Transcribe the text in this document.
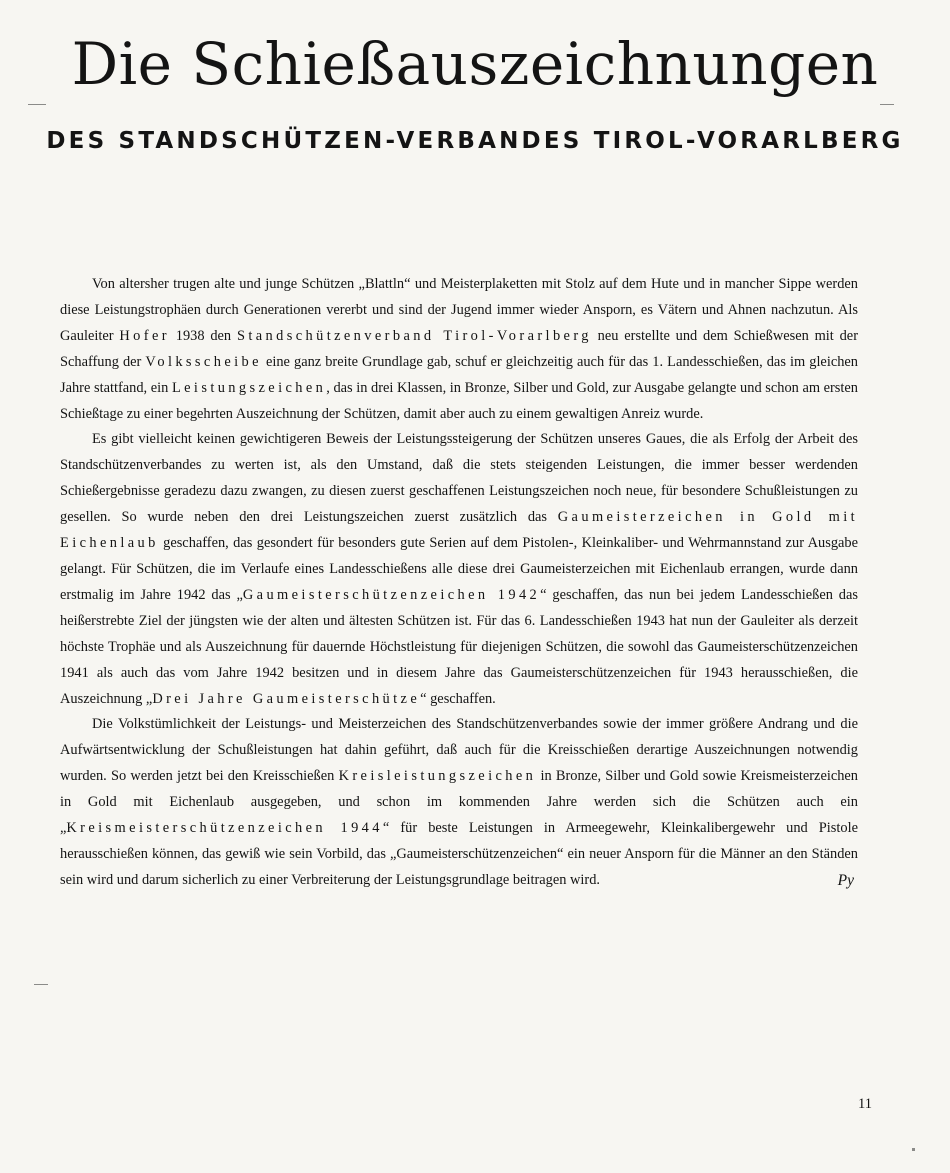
Die Schießauszeichnungen
DES STANDSCHÜTZEN-VERBANDES TIROL-VORARLBERG

Von altersher trugen alte und junge Schützen „Blattln“ und Meisterplaketten mit Stolz auf dem Hute und in mancher Sippe werden diese Leistungstrophäen durch Generationen vererbt und sind der Jugend immer wieder Ansporn, es Vätern und Ahnen nachzutun. Als Gauleiter Hofer 1938 den Standschützenverband Tirol-Vorarlberg neu erstellte und dem Schießwesen mit der Schaffung der Volksscheibe eine ganz breite Grundlage gab, schuf er gleichzeitig auch für das 1. Landesschießen, das im gleichen Jahre stattfand, ein Leistungszeichen, das in drei Klassen, in Bronze, Silber und Gold, zur Ausgabe gelangte und schon am ersten Schießtage zu einer begehrten Auszeichnung der Schützen, damit aber auch zu einem gewaltigen Anreiz wurde.

Es gibt vielleicht keinen gewichtigeren Beweis der Leistungssteigerung der Schützen unseres Gaues, die als Erfolg der Arbeit des Standschützenverbandes zu werten ist, als den Umstand, daß die stets steigenden Leistungen, die immer besser werdenden Schießergebnisse geradezu dazu zwangen, zu diesen zuerst geschaffenen Leistungszeichen noch neue, für besondere Schußleistungen zu gesellen. So wurde neben den drei Leistungszeichen zuerst zusätzlich das Gaumeisterzeichen in Gold mit Eichenlaub geschaffen, das gesondert für besonders gute Serien auf dem Pistolen-, Kleinkaliber- und Wehrmannstand zur Ausgabe gelangt. Für Schützen, die im Verlaufe eines Landesschießens alle diese drei Gaumeisterzeichen mit Eichenlaub errangen, wurde dann erstmalig im Jahre 1942 das „Gaumeisterschützenzeichen 1942“ geschaffen, das nun bei jedem Landesschießen das heißerstrebte Ziel der jüngsten wie der alten und ältesten Schützen ist. Für das 6. Landesschießen 1943 hat nun der Gauleiter als derzeit höchste Trophäe und als Auszeichnung für dauernde Höchstleistung für diejenigen Schützen, die sowohl das Gaumeisterschützenzeichen 1941 als auch das vom Jahre 1942 besitzen und in diesem Jahre das Gaumeisterschützenzeichen für 1943 herausschießen, die Auszeichnung „Drei Jahre Gaumeisterschütze“ geschaffen.

Die Volkstümlichkeit der Leistungs- und Meisterzeichen des Standschützenverbandes sowie der immer größere Andrang und die Aufwärtsentwicklung der Schußleistungen hat dahin geführt, daß auch für die Kreisschießen derartige Auszeichnungen notwendig wurden. So werden jetzt bei den Kreisschießen Kreisleistungszeichen in Bronze, Silber und Gold sowie Kreismeisterzeichen in Gold mit Eichenlaub ausgegeben, und schon im kommenden Jahre werden sich die Schützen auch ein „Kreismeisterschützenzeichen 1944“ für beste Leistungen in Armeegewehr, Kleinkalibergewehr und Pistole herausschießen können, das gewiß wie sein Vorbild, das „Gaumeisterschützenzeichen“ ein neuer Ansporn für die Männer an den Ständen sein wird und darum sicherlich zu einer Verbreiterung der Leistungsgrundlage beitragen wird.	Py

11
